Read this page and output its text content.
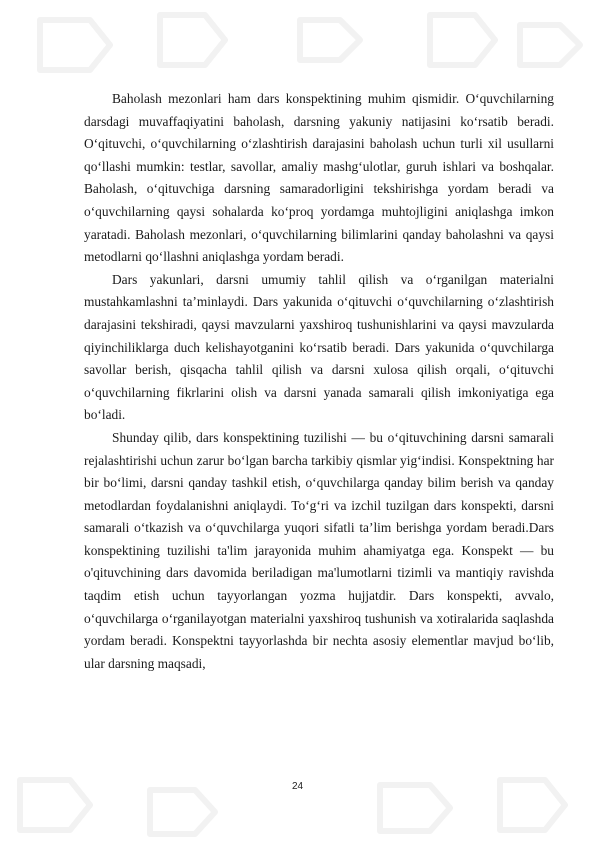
Baholash mezonlari ham dars konspektining muhim qismidir. O‘quvchilarning darsdagi muvaffaqiyatini baholash, darsning yakuniy natijasini ko‘rsatib beradi. O‘qituvchi, o‘quvchilarning o‘zlashtirish darajasini baholash uchun turli xil usullarni qo‘llashi mumkin: testlar, savollar, amaliy mashg‘ulotlar, guruh ishlari va boshqalar. Baholash, o‘qituvchiga darsning samaradorligini tekshirishga yordam beradi va o‘quvchilarning qaysi sohalarda ko‘proq yordamga muhtojligini aniqlashga imkon yaratadi. Baholash mezonlari, o‘quvchilarning bilimlarini qanday baholashni va qaysi metodlarni qo‘llashni aniqlashga yordam beradi.

Dars yakunlari, darsni umumiy tahlil qilish va o‘rganilgan materialni mustahkamlashni ta’minlaydi. Dars yakunida o‘qituvchi o‘quvchilarning o‘zlashtirish darajasini tekshiradi, qaysi mavzularni yaxshiroq tushunishlarini va qaysi mavzularda qiyinchiliklarga duch kelishayotganini ko‘rsatib beradi. Dars yakunida o‘quvchilarga savollar berish, qisqacha tahlil qilish va darsni xulosa qilish orqali, o‘qituvchi o‘quvchilarning fikrlarini olish va darsni yanada samarali qilish imkoniyatiga ega bo‘ladi.

Shunday qilib, dars konspektining tuzilishi — bu o‘qituvchining darsni samarali rejalashtirishi uchun zarur bo‘lgan barcha tarkibiy qismlar yig‘indisi. Konspektning har bir bo‘limi, darsni qanday tashkil etish, o‘quvchilarga qanday bilim berish va qanday metodlardan foydalanishni aniqlaydi. To‘g‘ri va izchil tuzilgan dars konspekti, darsni samarali o‘tkazish va o‘quvchilarga yuqori sifatli ta’lim berishga yordam beradi.Dars konspektining tuzilishi ta'lim jarayonida muhim ahamiyatga ega. Konspekt — bu o'qituvchining dars davomida beriladigan ma'lumotlarni tizimli va mantiqiy ravishda taqdim etish uchun tayyorlangan yozma hujjatdir. Dars konspekti, avvalo, o‘quvchilarga o‘rganilayotgan materialni yaxshiroq tushunish va xotiralarida saqlashda yordam beradi. Konspektni tayyorlashda bir nechta asosiy elementlar mavjud bo‘lib, ular darsning maqsadi,

24
